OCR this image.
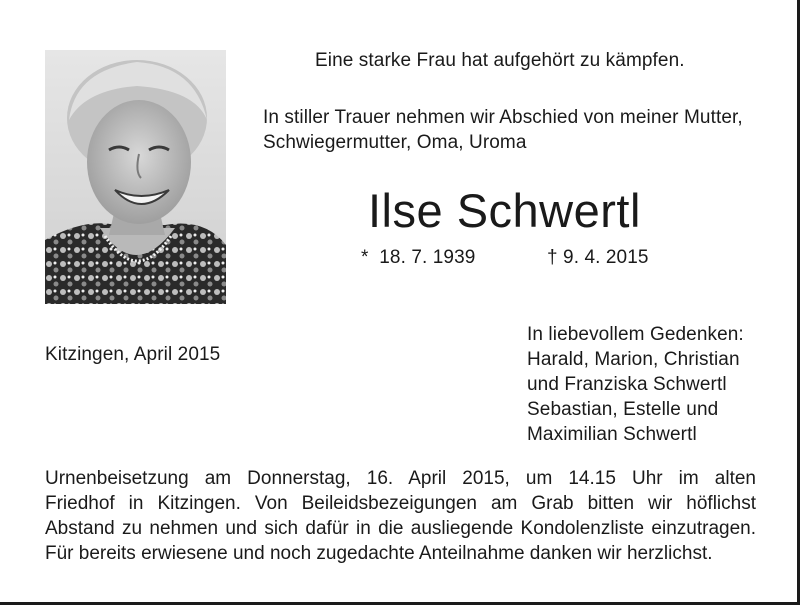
Eine starke Frau hat aufgehört zu kämpfen.
In stiller Trauer nehmen wir Abschied von meiner Mutter,
Schwiegermutter, Oma, Uroma
Ilse Schwertl
*  18. 7. 1939	† 9. 4. 2015
Kitzingen, April 2015
In liebevollem Gedenken:
Harald, Marion, Christian
und Franziska Schwertl
Sebastian, Estelle und
Maximilian Schwertl
Urnenbeisetzung am Donnerstag, 16. April 2015, um 14.15 Uhr im alten
Friedhof in Kitzingen. Von Beileidsbezeigungen am Grab bitten wir höflichst
Abstand zu nehmen und sich dafür in die ausliegende Kondolenzliste einzutragen.
Für bereits erwiesene und noch zugedachte Anteilnahme danken wir herzlichst.
